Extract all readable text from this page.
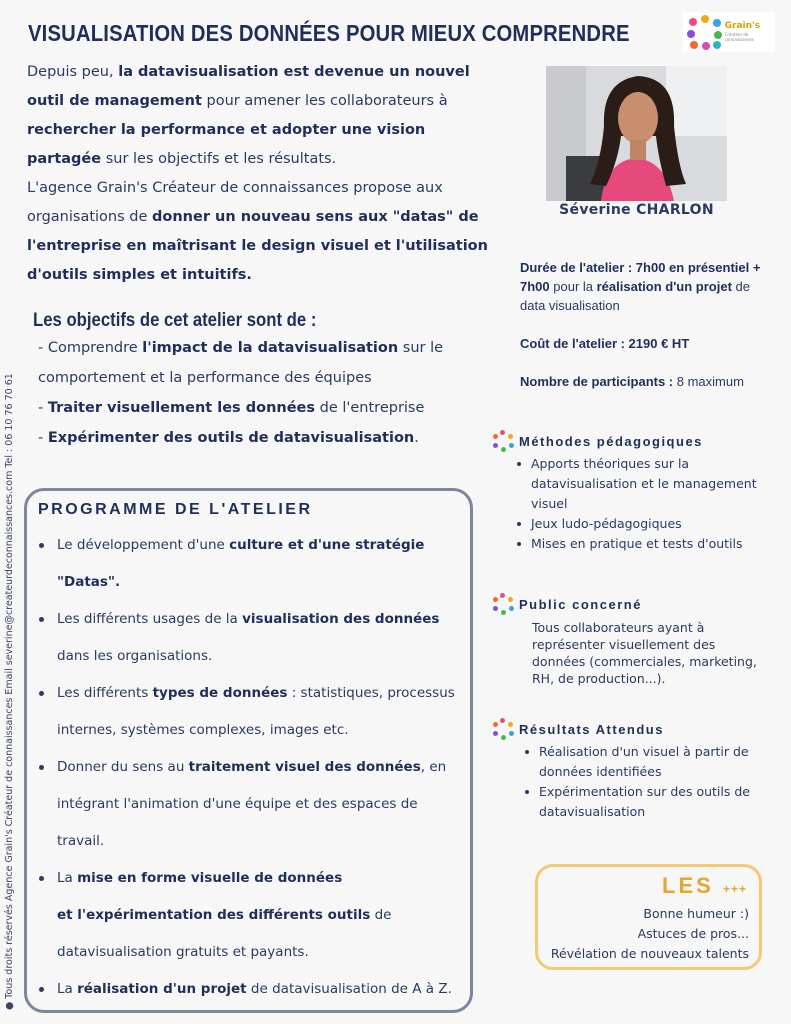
VISUALISATION DES DONNÉES POUR MIEUX COMPRENDRE	Grain's
Créateur de connaissances
Depuis peu, la datavisualisation est devenue un nouvel outil de management pour amener les collaborateurs à rechercher la performance et adopter une vision partagée sur les objectifs et les résultats.
L'agence Grain's Créateur de connaissances propose aux organisations de donner un nouveau sens aux "datas" de l'entreprise en maîtrisant le design visuel et l'utilisation d'outils simples et intuitifs.
Séverine CHARLON
● Tous droits réservés Agence Grain's Créateur de connaissances Email severine@createurdeconnaissances.com Tel : 06 10 76 70 61

Durée de l'atelier : 7h00 en présentiel + 7h00 pour la réalisation d'un projet de data visualisation

Coût de l'atelier : 2190 € HT

Nombre de participants : 8 maximum

Les objectifs de cet atelier sont de :
- Comprendre l'impact de la datavisualisation sur le comportement et la performance des équipes
- Traiter visuellement les données de l'entreprise
- Expérimenter des outils de datavisualisation.
PROGRAMME DE L'ATELIER
Le développement d'une culture et d'une stratégie "Datas".
Les différents usages de la visualisation des données dans les organisations.
Les différents types de données : statistiques, processus internes, systèmes complexes, images etc.
Donner du sens au traitement visuel des données, en intégrant l'animation d'une équipe et des espaces de travail.
La mise en forme visuelle de données
et l'expérimentation des différents outils de datavisualisation gratuits et payants.
La réalisation d'un projet de datavisualisation de A à Z.
Méthodes pédagogiques
Apports théoriques sur la datavisualisation et le management visuel
Jeux ludo-pédagogiques
Mises en pratique et tests d'outils
Public concerné
Tous collaborateurs ayant à représenter visuellement des données (commerciales, marketing, RH, de production...).
Résultats Attendus
Réalisation d'un visuel à partir de données identifiées
Expérimentation sur des outils de datavisualisation
LES +++
Bonne humeur :)
Astuces de pros...
Révélation de nouveaux talents
